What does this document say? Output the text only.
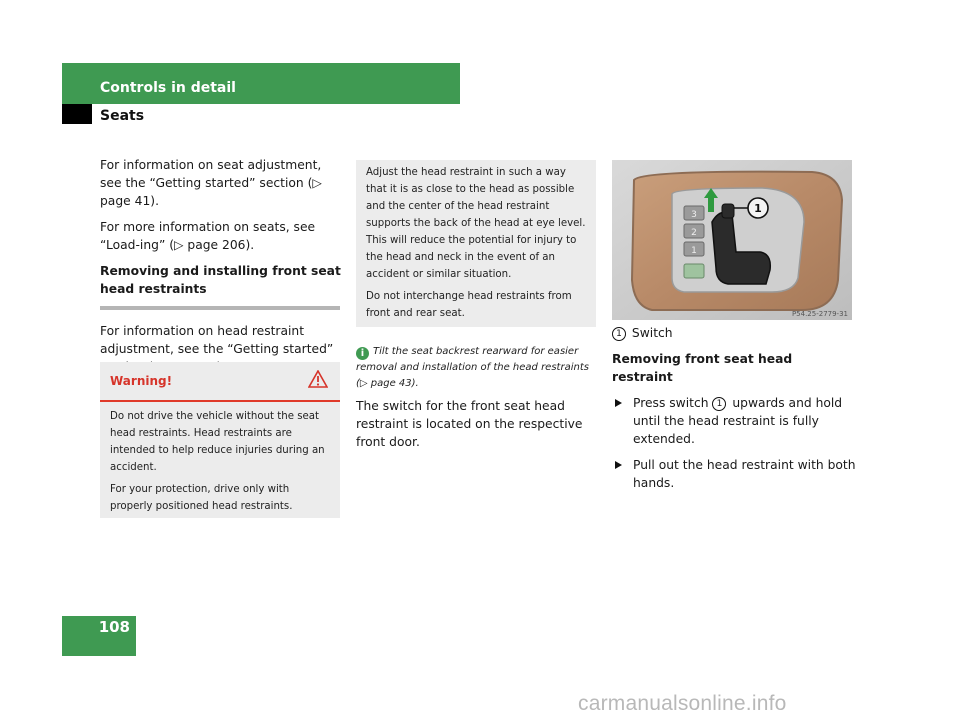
Controls in detail
Seats

For information on seat adjustment, see the “Getting started” section (▷ page 41).

For more information on seats, see “Load-ing” (▷ page 206).

Removing and installing front seat
head restraints

For information on head restraint adjustment, see the “Getting started”

Warning!

Do not drive the vehicle without the seat head restraints. Head restraints are intended to help reduce injuries during an accident.

For your protection, drive only with properly positioned head restraints.

Adjust the head restraint in such a way that it is as close to the head as possible and the center of the head restraint supports the back of the head at eye level. This will reduce the potential for injury to the head and neck in the event of an accident or similar situation.

Do not interchange head restraints from front and rear seat.

i Tilt the seat backrest rearward for easier removal and installation of the head restraints (▷ page 43).
The switch for the front seat head restraint is located on the respective front door.
3
2
1
1
P54.25-2779-31

1 Switch

Removing front seat head restraint

Press switch 1 upwards and hold until the head restraint is fully extended.
Pull out the head restraint with both hands.
108
carmanualsonline.info
